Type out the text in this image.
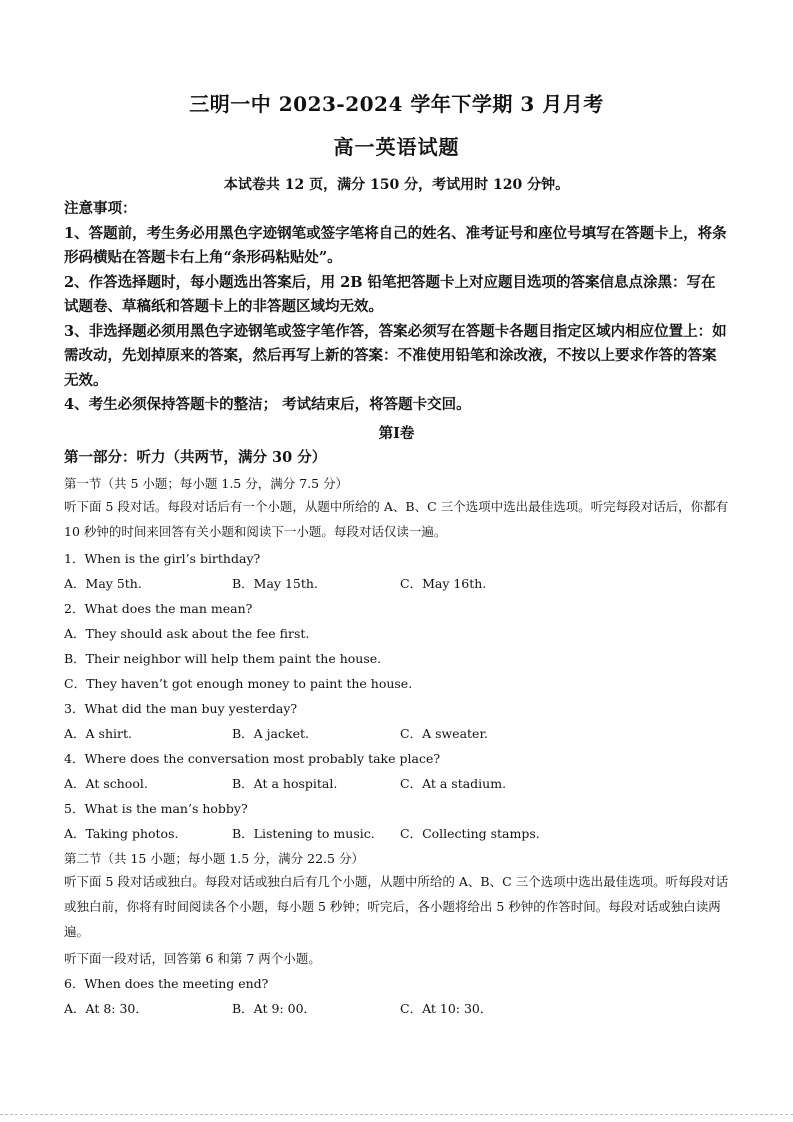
三明一中 2023-2024 学年下学期 3 月月考
高一英语试题
本试卷共 12 页，满分 150 分，考试用时 120 分钟。

注意事项：

1、答题前，考生务必用黑色字迹钢笔或签字笔将自己的姓名、准考证号和座位号填写在答题卡上，将条形码横贴在答题卡右上角“条形码粘贴处”。

2、作答选择题时，每小题选出答案后，用 2B 铅笔把答题卡上对应题目选项的答案信息点涂黑：写在试题卷、草稿纸和答题卡上的非答题区域均无效。

3、非选择题必须用黑色字迹钢笔或签字笔作答，答案必须写在答题卡各题目指定区域内相应位置上：如需改动，先划掉原来的答案，然后再写上新的答案：不准使用铅笔和涂改液，不按以上要求作答的答案无效。

4、考生必须保持答题卡的整洁； 考试结束后，将答题卡交回。

第Ⅰ卷
第一部分：听力（共两节，满分 30 分）
第一节（共 5 小题；每小题 1.5 分，满分 7.5 分）
听下面 5 段对话。每段对话后有一个小题，从题中所给的 A、B、C 三个选项中选出最佳选项。听完每段对话后，你都有 10 秒钟的时间来回答有关小题和阅读下一小题。每段对话仅读一遍。
1．When is the girl’s birthday?
A．May 5th.	B．May 15th.	C．May 16th.
2．What does the man mean?
A．They should ask about the fee first.
B．Their neighbor will help them paint the house.
C．They haven’t got enough money to paint the house.
3．What did the man buy yesterday?
A．A shirt.	B．A jacket.	C．A sweater.
4．Where does the conversation most probably take place?
A．At school.	B．At a hospital.	C．At a stadium.
5．What is the man’s hobby?
A．Taking photos.	B．Listening to music. C．Collecting stamps.
第二节（共 15 小题；每小题 1.5 分，满分 22.5 分）
听下面 5 段对话或独白。每段对话或独白后有几个小题，从题中所给的 A、B、C 三个选项中选出最佳选项。听每段对话或独白前，你将有时间阅读各个小题，每小题 5 秒钟；听完后，各小题将给出 5 秒钟的作答时间。每段对话或独白读两遍。
听下面一段对话，回答第 6 和第 7 两个小题。
6．When does the meeting end?
A．At 8: 30．	B．At 9: 00．	C．At 10: 30．
